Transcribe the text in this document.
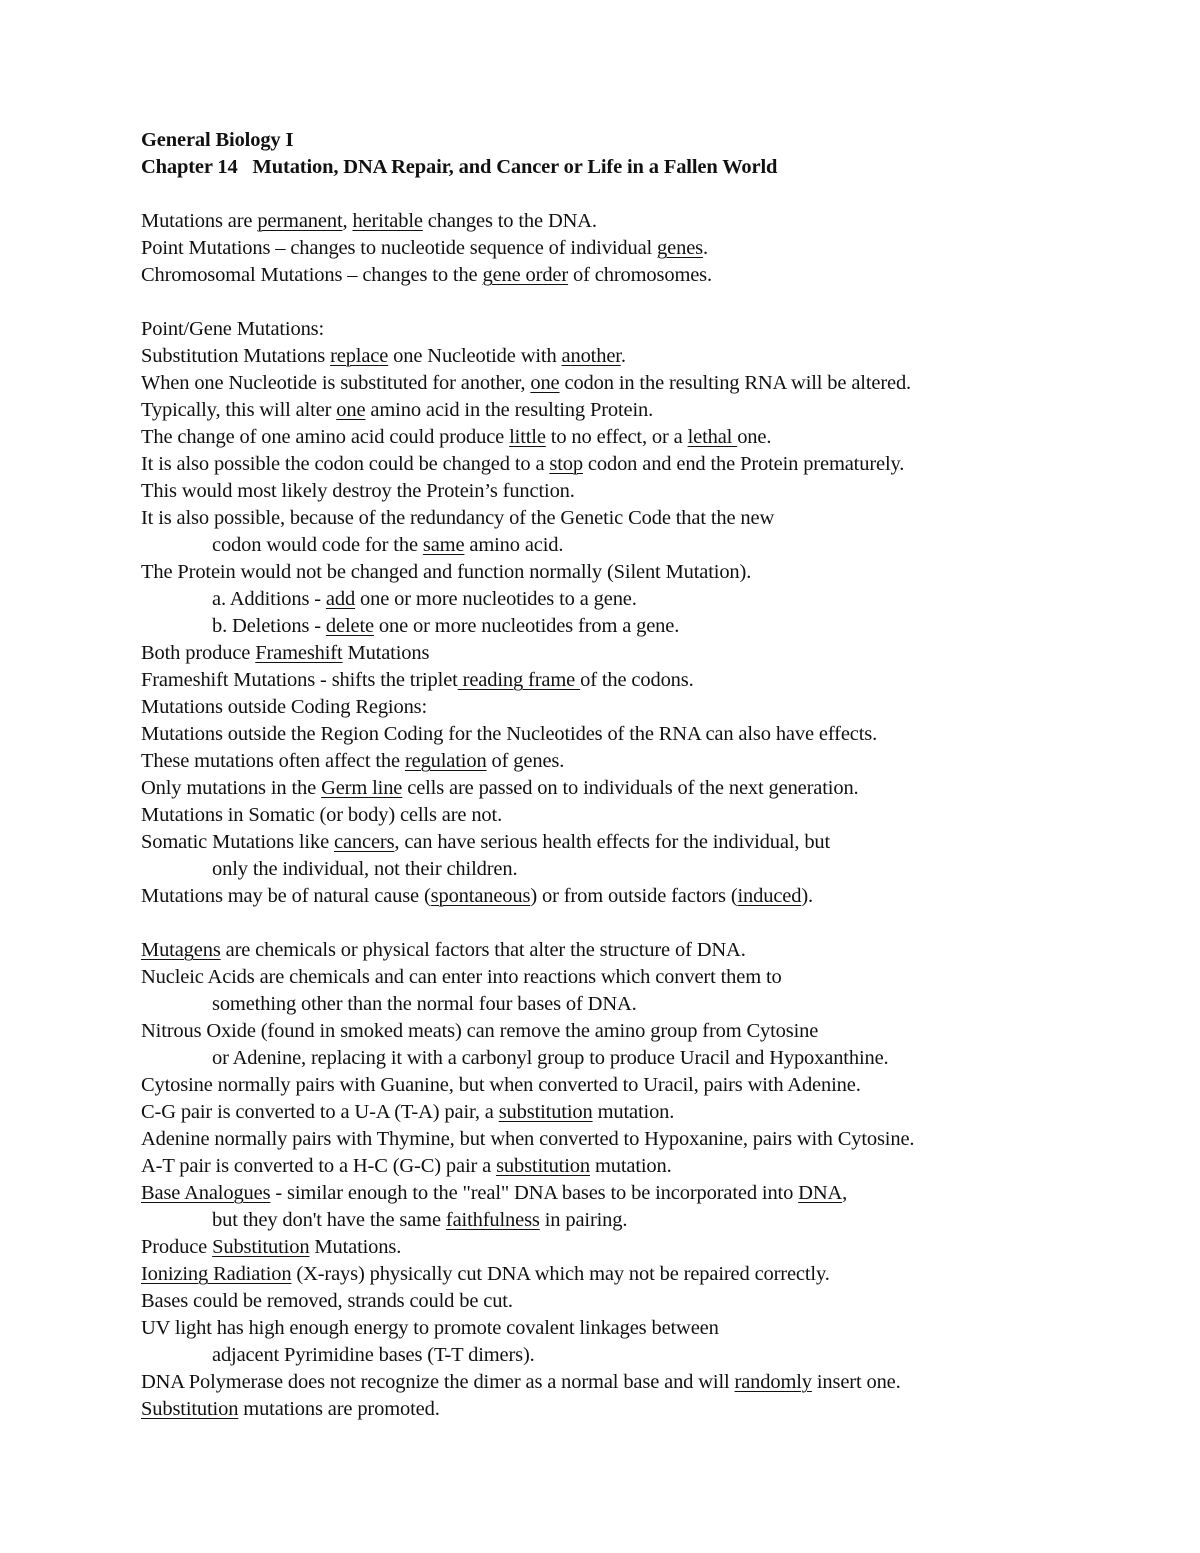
General Biology I
Chapter 14   Mutation, DNA Repair, and Cancer or Life in a Fallen World
Mutations are permanent, heritable changes to the DNA.
Point Mutations – changes to nucleotide sequence of individual genes.
Chromosomal Mutations – changes to the gene order of chromosomes.
Point/Gene Mutations:
Substitution Mutations replace one Nucleotide with another.
When one Nucleotide is substituted for another, one codon in the resulting RNA will be altered.
Typically, this will alter one amino acid in the resulting Protein.
The change of one amino acid could produce little to no effect, or a lethal one.
It is also possible the codon could be changed to a stop codon and end the Protein prematurely.
This would most likely destroy the Protein’s function.
It is also possible, because of the redundancy of the Genetic Code that the new
codon would code for the same amino acid.
The Protein would not be changed and function normally (Silent Mutation).
a. Additions - add one or more nucleotides to a gene.
b. Deletions - delete one or more nucleotides from a gene.
Both produce Frameshift Mutations
Frameshift Mutations - shifts the triplet reading frame of the codons.
Mutations outside Coding Regions:
Mutations outside the Region Coding for the Nucleotides of the RNA can also have effects.
These mutations often affect the regulation of genes.
Only mutations in the Germ line cells are passed on to individuals of the next generation.
Mutations in Somatic (or body) cells are not.
Somatic Mutations like cancers, can have serious health effects for the individual, but
only the individual, not their children.
Mutations may be of natural cause (spontaneous) or from outside factors (induced).
Mutagens are chemicals or physical factors that alter the structure of DNA.
Nucleic Acids are chemicals and can enter into reactions which convert them to
something other than the normal four bases of DNA.
Nitrous Oxide (found in smoked meats) can remove the amino group from Cytosine
or Adenine, replacing it with a carbonyl group to produce Uracil and Hypoxanthine.
Cytosine normally pairs with Guanine, but when converted to Uracil, pairs with Adenine.
C-G pair is converted to a U-A (T-A) pair, a substitution mutation.
Adenine normally pairs with Thymine, but when converted to Hypoxanine, pairs with Cytosine.
A-T pair is converted to a H-C (G-C) pair a substitution mutation.
Base Analogues - similar enough to the "real" DNA bases to be incorporated into DNA,
but they don't have the same faithfulness in pairing.
Produce Substitution Mutations.
Ionizing Radiation (X-rays) physically cut DNA which may not be repaired correctly.
Bases could be removed, strands could be cut.
UV light has high enough energy to promote covalent linkages between
adjacent Pyrimidine bases (T-T dimers).
DNA Polymerase does not recognize the dimer as a normal base and will randomly insert one.
Substitution mutations are promoted.
